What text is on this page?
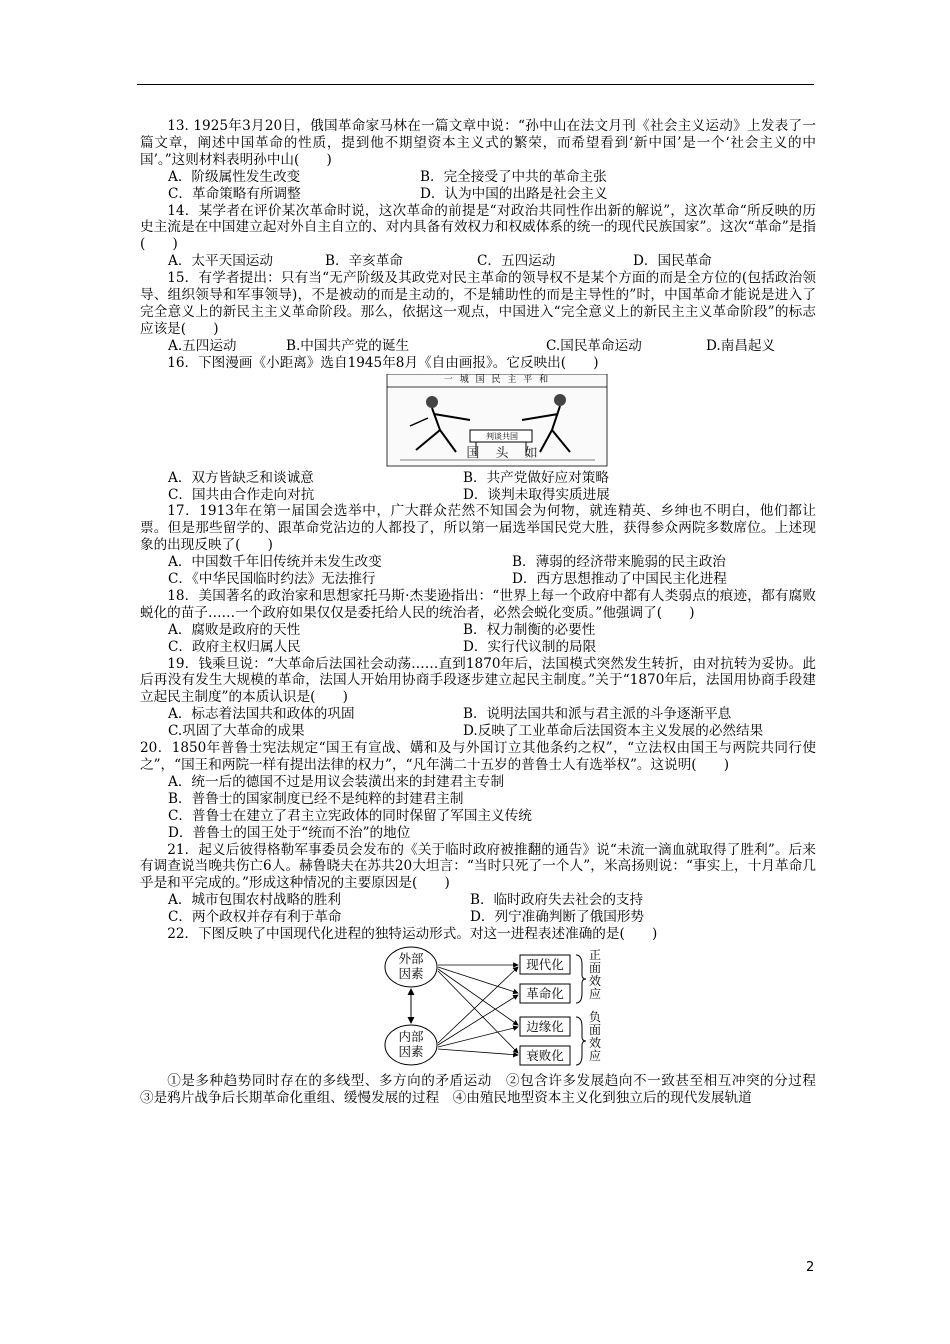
13. 1925年3月20日，俄国革命家马林在一篇文章中说：“孙中山在法文月刊《社会主义运动》上发表了一篇文章，阐述中国革命的性质，提到他不期望资本主义式的繁荣，而希望看到‘新中国’是一个‘社会主义的中国’。”这则材料表明孙中山(　　)

A．阶级属性发生改变	B．完全接受了中共的革命主张
C．革命策略有所调整	D．认为中国的出路是社会主义

14．某学者在评价某次革命时说，这次革命的前提是“对政治共同性作出新的解说”，这次革命“所反映的历史主流是在中国建立起对外自主自立的、对内具备有效权力和权威体系的统一的现代民族国家”。这次“革命”是指(　　)

A．太平天国运动	B．辛亥革命	C．五四运动	D．国民革命

15．有学者提出：只有当“无产阶级及其政党对民主革命的领导权不是某个方面的而是全方位的(包括政治领导、组织领导和军事领导)，不是被动的而是主动的，不是辅助性的而是主导性的”时，中国革命才能说是进入了完全意义上的新民主主义革命阶段。那么，依据这一观点，中国进入“完全意义上的新民主主义革命阶段”的标志应该是(　　)

A.五四运动	B.中国共产党的诞生	C.国民革命运动	D.南昌起义

16．下图漫画《小距离》选自1945年8月《自由画报》。它反映出(　　)

一 城 国 民 主 平 和
判谈共国
国 头 如
A．双方皆缺乏和谈诚意	B．共产党做好应对策略
C．国共由合作走向对抗	D．谈判未取得实质进展

17．1913年在第一届国会选举中，广大群众茫然不知国会为何物，就连精英、乡绅也不明白，他们都让票。但是那些留学的、跟革命党沾边的人都投了，所以第一届选举国民党大胜，获得参众两院多数席位。上述现象的出现反映了(　　)

A．中国数千年旧传统并未发生改变	B．薄弱的经济带来脆弱的民主政治
C．《中华民国临时约法》无法推行	D．西方思想推动了中国民主化进程

18．美国著名的政治家和思想家托马斯·杰斐逊指出：“世界上每一个政府中都有人类弱点的痕迹，都有腐败蜕化的苗子……一个政府如果仅仅是委托给人民的统治者，必然会蜕化变质。”他强调了(　　)

A．腐败是政府的天性	B．权力制衡的必要性
C．政府主权归属人民	D．实行代议制的局限

19．钱乘旦说：“大革命后法国社会动荡……直到1870年后，法国模式突然发生转折，由对抗转为妥协。此后再没有发生大规模的革命，法国人开始用协商手段逐步建立起民主制度。”关于“1870年后，法国用协商手段建立起民主制度”的本质认识是(　　)

A．标志着法国共和政体的巩固	B．说明法国共和派与君主派的斗争逐渐平息

C.巩固了大革命的成果	D.反映了工业革命后法国资本主义发展的必然结果

20．1850年普鲁士宪法规定“国王有宣战、媾和及与外国订立其他条约之权”，“立法权由国王与两院共同行使之”，“国王和两院一样有提出法律的权力”，“凡年满二十五岁的普鲁士人有选举权”。这说明(　　)

A．统一后的德国不过是用议会装潢出来的封建君主专制

B．普鲁士的国家制度已经不是纯粹的封建君主制

C．普鲁士在建立了君主立宪政体的同时保留了军国主义传统

D．普鲁士的国王处于“统而不治”的地位

21．起义后彼得格勒军事委员会发布的《关于临时政府被推翻的通告》说“未流一滴血就取得了胜利”。后来有调查说当晚共伤亡6人。赫鲁晓夫在苏共20大坦言：“当时只死了一个人”，米高扬则说：“事实上，十月革命几乎是和平完成的。”形成这种情况的主要原因是(　　)

A．城市包围农村战略的胜利	B．临时政府失去社会的支持
C．两个政权并存有利于革命	D．列宁准确判断了俄国形势

22．下图反映了中国现代化进程的独特运动形式。对这一进程表述准确的是(　　)

外部因素
内部因素
现代化
革命化
边缘化
衰败化
正面效应
负面效应

①是多种趋势同时存在的多线型、多方向的矛盾运动　②包含许多发展趋向不一致甚至相互冲突的分过程　③是鸦片战争后长期革命化重组、缓慢发展的过程　④由殖民地型资本主义化到独立后的现代发展轨道

2
